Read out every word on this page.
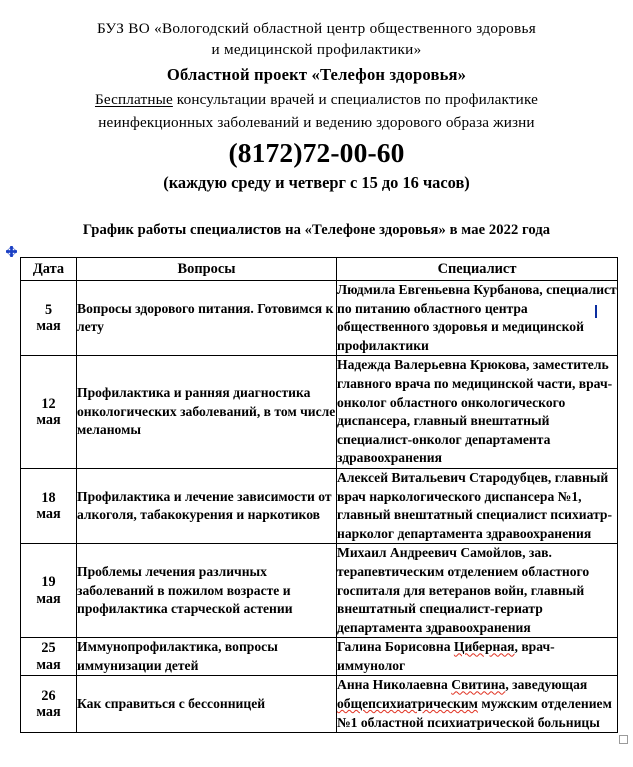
БУЗ ВО «Вологодский областной центр общественного здоровья
и медицинской профилактики»
Областной проект «Телефон здоровья»
Бесплатные консультации врачей и специалистов по профилактике
неинфекционных заболеваний и ведению здорового образа жизни
(8172)72-00-60
(каждую среду и четверг с 15 до 16 часов)
График работы специалистов на «Телефоне здоровья» в мае 2022 года
Дата	Вопросы	Специалист

5
мая	Вопросы здорового питания. Готовимся к лету	Людмила Евгеньевна Курбанова, специалист по питанию областного центра общественного здоровья и медицинской профилактики

12
мая	Профилактика и ранняя диагностика онкологических заболеваний, в том числе меланомы	Надежда Валерьевна Крюкова, заместитель главного врача по медицинской части, врач-онколог областного онкологического диспансера, главный внештатный специалист-онколог департамента здравоохранения

18
мая	Профилактика и лечение зависимости от алкоголя, табакокурения и наркотиков	Алексей Витальевич Стародубцев, главный врач наркологического диспансера №1, главный внештатный специалист психиатр-нарколог департамента здравоохранения

19
мая	Проблемы лечения различных заболеваний в пожилом возрасте и профилактика старческой астении	Михаил Андреевич Самойлов, зав. терапевтическим отделением областного госпиталя для ветеранов войн, главный внештатный специалист-гериатр департамента здравоохранения

25
мая	Иммунопрофилактика, вопросы иммунизации детей	Галина Борисовна Циберная, врач-иммунолог

26
мая	Как справиться с бессонницей	Анна Николаевна Свитина, заведующая общепсихиатрическим мужским отделением №1 областной психиатрической больницы
